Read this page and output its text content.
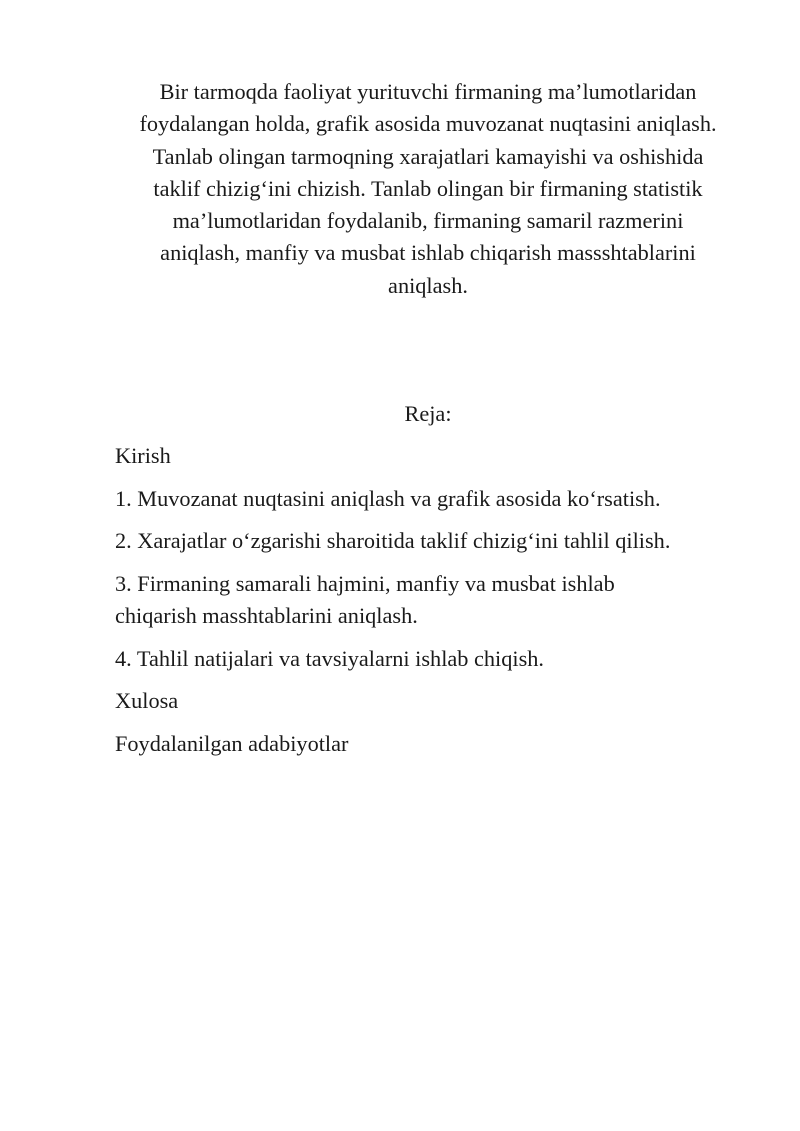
Bir tarmoqda faoliyat yurituvchi firmaning ma’lumotlaridan
foydalangan holda, grafik asosida muvozanat nuqtasini aniqlash.
Tanlab olingan tarmoqning xarajatlari kamayishi va oshishida
taklif chizig‘ini chizish. Tanlab olingan bir firmaning statistik
ma’lumotlaridan foydalanib, firmaning samaril razmerini
aniqlash, manfiy va musbat ishlab chiqarish massshtablarini
aniqlash.

Reja:
Kirish
1. Muvozanat nuqtasini aniqlash va grafik asosida ko‘rsatish.
2. Xarajatlar o‘zgarishi sharoitida taklif chizig‘ini tahlil qilish.
3. Firmaning samarali hajmini, manfiy va musbat ishlab
chiqarish masshtablarini aniqlash.
4. Tahlil natijalari va tavsiyalarni ishlab chiqish.
Xulosa
Foydalanilgan adabiyotlar
